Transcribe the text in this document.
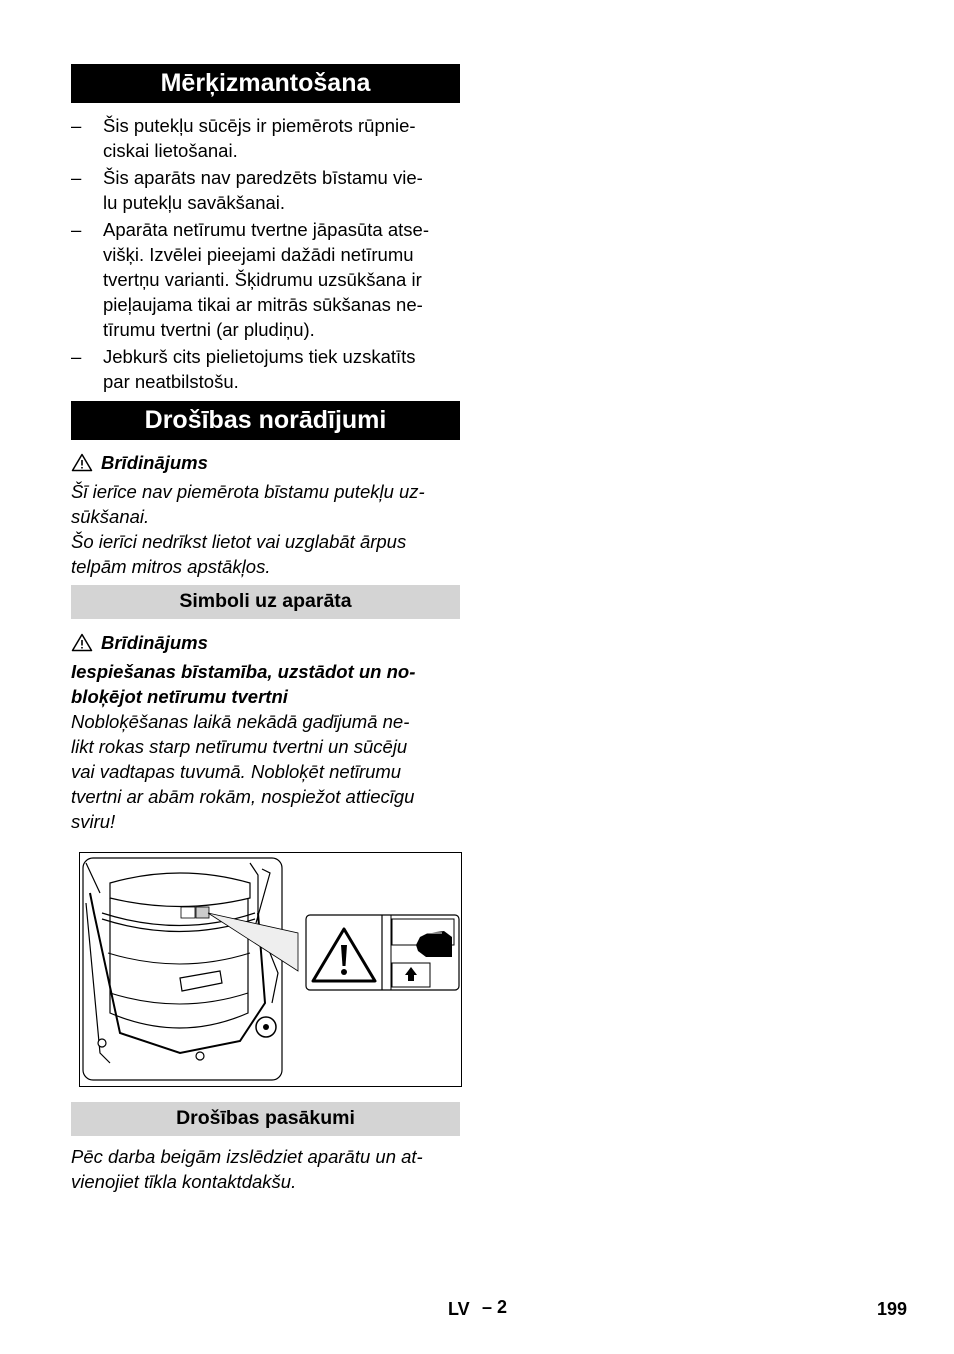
Mērķizmantošana
– Šis putekļu sūcējs ir piemērots rūpnie-
ciskai lietošanai.
– Šis aparāts nav paredzēts bīstamu vie-
lu putekļu savākšanai.
– Aparāta netīrumu tvertne jāpasūta atse-
višķi. Izvēlei pieejami dažādi netīrumu
tvertņu varianti. Šķidrumu uzsūkšana ir
pieļaujama tikai ar mitrās sūkšanas ne-
tīrumu tvertni (ar pludiņu).
– Jebkurš cits pielietojums tiek uzskatīts
par neatbilstošu.
Drošības norādījumi
Brīdinājums
Šī ierīce nav piemērota bīstamu putekļu uz-
sūkšanai.
Šo ierīci nedrīkst lietot vai uzglabāt ārpus
telpām mitros apstākļos.
Simboli uz aparāta
Brīdinājums
Iespiešanas bīstamība, uzstādot un no-
bloķējot netīrumu tvertni
Nobloķēšanas laikā nekādā gadījumā ne-
likt rokas starp netīrumu tvertni un sūcēju
vai vadtapas tuvumā. Nobloķēt netīrumu
tvertni ar abām rokām, nospiežot attiecīgu
sviru!
Drošības pasākumi
Pēc darba beigām izslēdziet aparātu un at-
vienojiet tīkla kontaktdakšu.
LV – 2	199
